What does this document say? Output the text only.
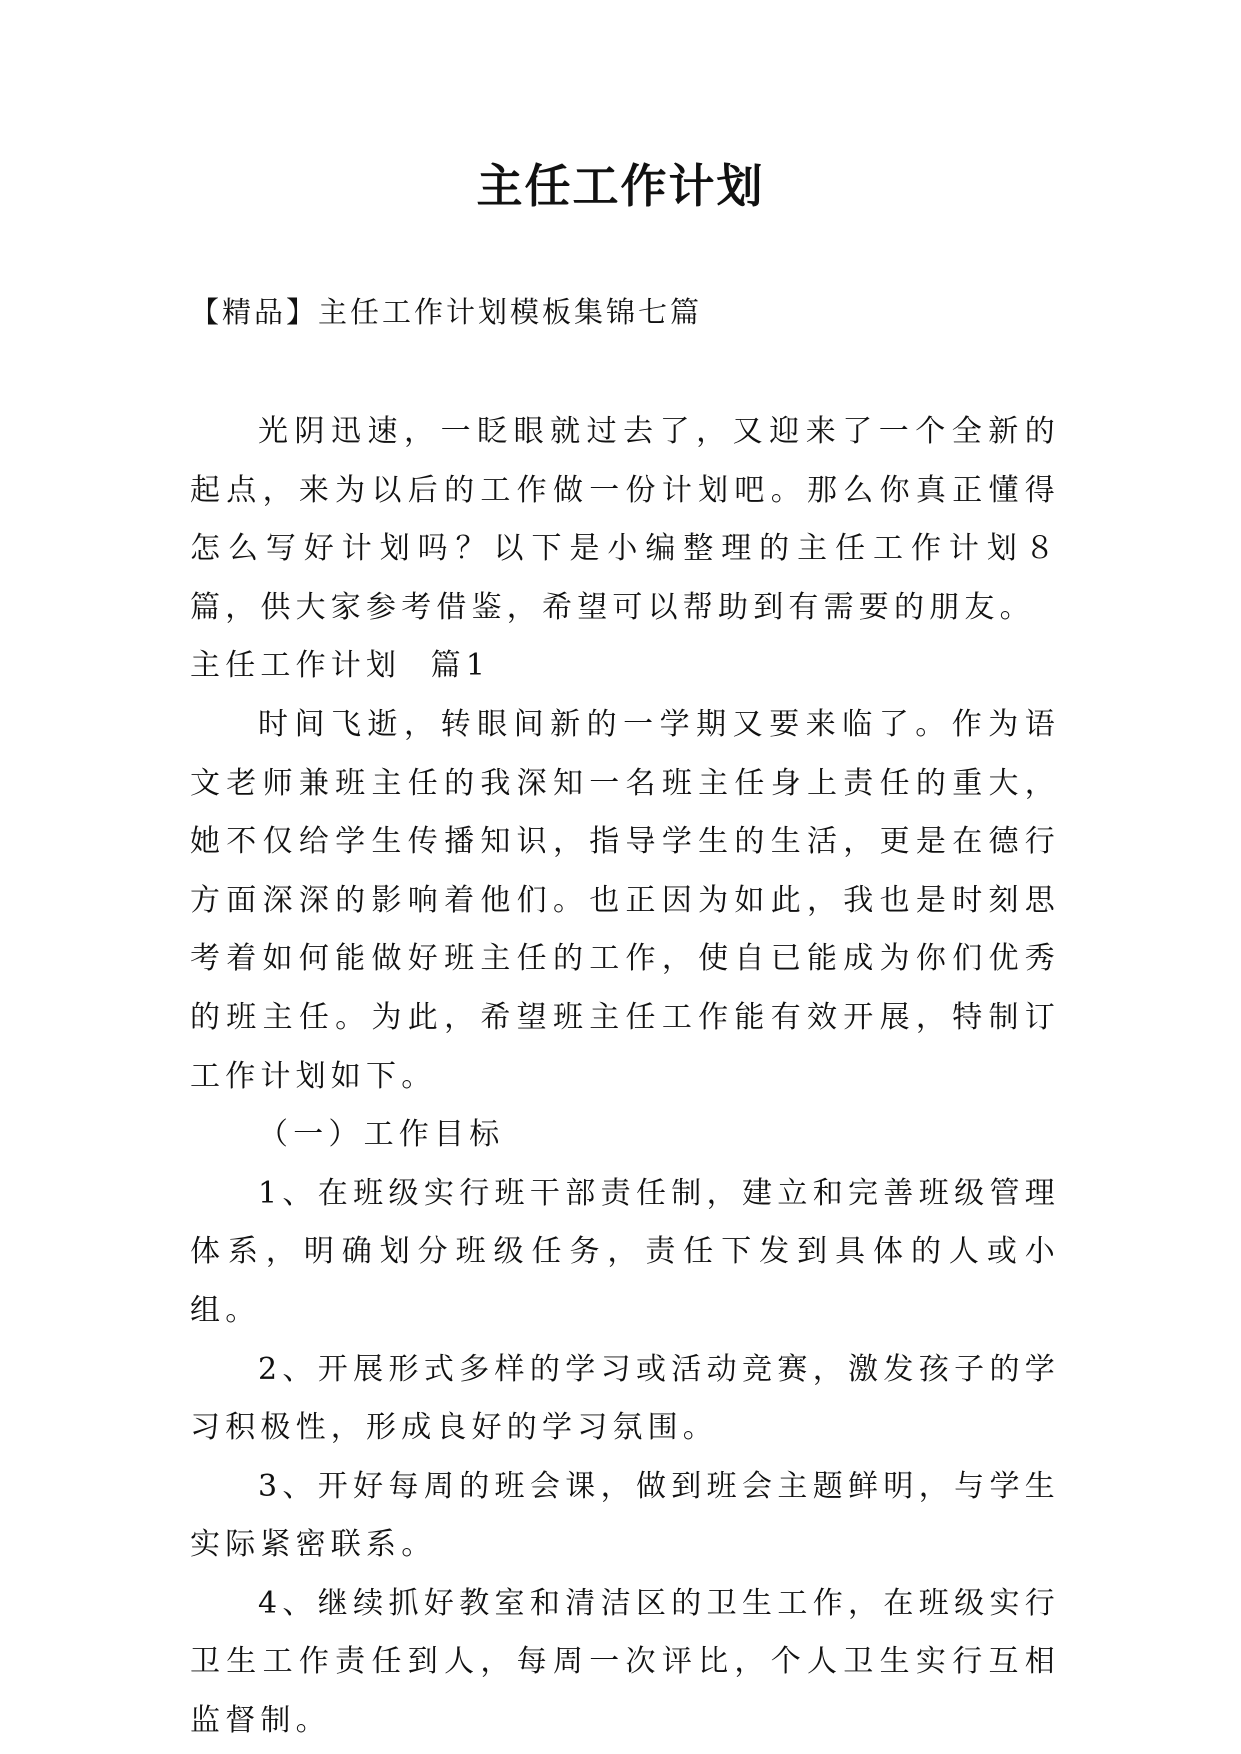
主任工作计划
【精品】主任工作计划模板集锦七篇

光阴迅速，一眨眼就过去了，又迎来了一个全新的起点，来为以后的工作做一份计划吧。那么你真正懂得怎么写好计划吗？以下是小编整理的主任工作计划８篇，供大家参考借鉴，希望可以帮助到有需要的朋友。

主任工作计划  篇1

时间飞逝，转眼间新的一学期又要来临了。作为语文老师兼班主任的我深知一名班主任身上责任的重大，她不仅给学生传播知识，指导学生的生活，更是在德行方面深深的影响着他们。也正因为如此，我也是时刻思考着如何能做好班主任的工作，使自已能成为你们优秀的班主任。为此，希望班主任工作能有效开展，特制订工作计划如下。

（一）工作目标

1、在班级实行班干部责任制，建立和完善班级管理体系，明确划分班级任务，责任下发到具体的人或小组。

2、开展形式多样的学习或活动竞赛，激发孩子的学习积极性，形成良好的学习氛围。

3、开好每周的班会课，做到班会主题鲜明，与学生实际紧密联系。

4、继续抓好教室和清洁区的卫生工作，在班级实行卫生工作责任到人，每周一次评比，个人卫生实行互相监督制。
